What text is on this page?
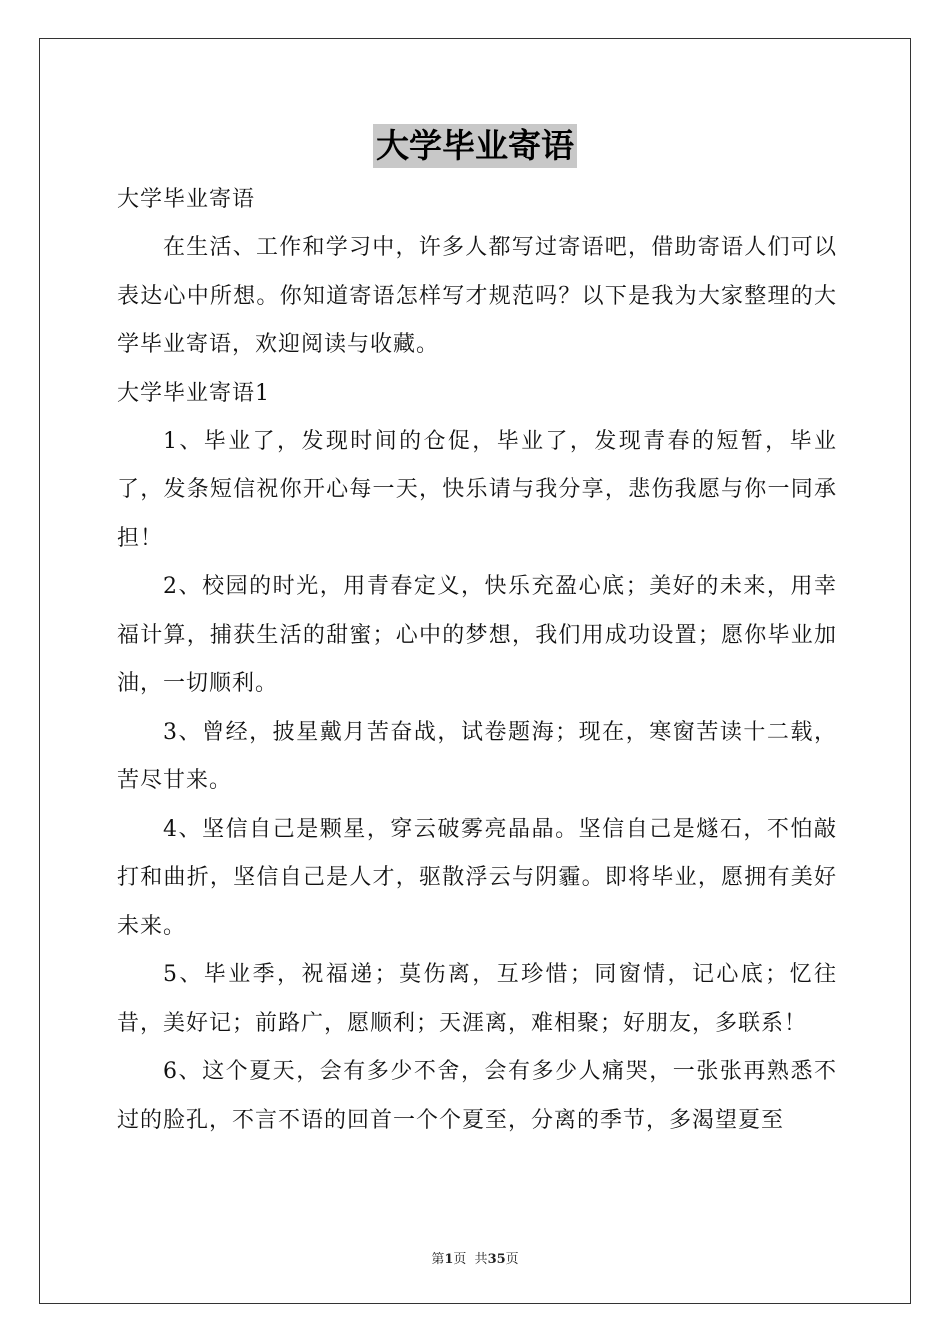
大学毕业寄语

大学毕业寄语

在生活、工作和学习中，许多人都写过寄语吧，借助寄语人们可以表达心中所想。你知道寄语怎样写才规范吗？以下是我为大家整理的大学毕业寄语，欢迎阅读与收藏。

大学毕业寄语1

1、毕业了，发现时间的仓促，毕业了，发现青春的短暂，毕业了，发条短信祝你开心每一天，快乐请与我分享，悲伤我愿与你一同承担！

2、校园的时光，用青春定义，快乐充盈心底；美好的未来，用幸福计算，捕获生活的甜蜜；心中的梦想，我们用成功设置；愿你毕业加油，一切顺利。

3、曾经，披星戴月苦奋战，试卷题海；现在，寒窗苦读十二载，苦尽甘来。

4、坚信自己是颗星，穿云破雾亮晶晶。坚信自己是燧石，不怕敲打和曲折，坚信自己是人才，驱散浮云与阴霾。即将毕业，愿拥有美好未来。

5、毕业季，祝福递；莫伤离，互珍惜；同窗情，记心底；忆往昔，美好记；前路广，愿顺利；天涯离，难相聚；好朋友，多联系！

6、这个夏天，会有多少不舍，会有多少人痛哭，一张张再熟悉不过的脸孔，不言不语的回首一个个夏至，分离的季节，多渴望夏至

第1页 共35页
